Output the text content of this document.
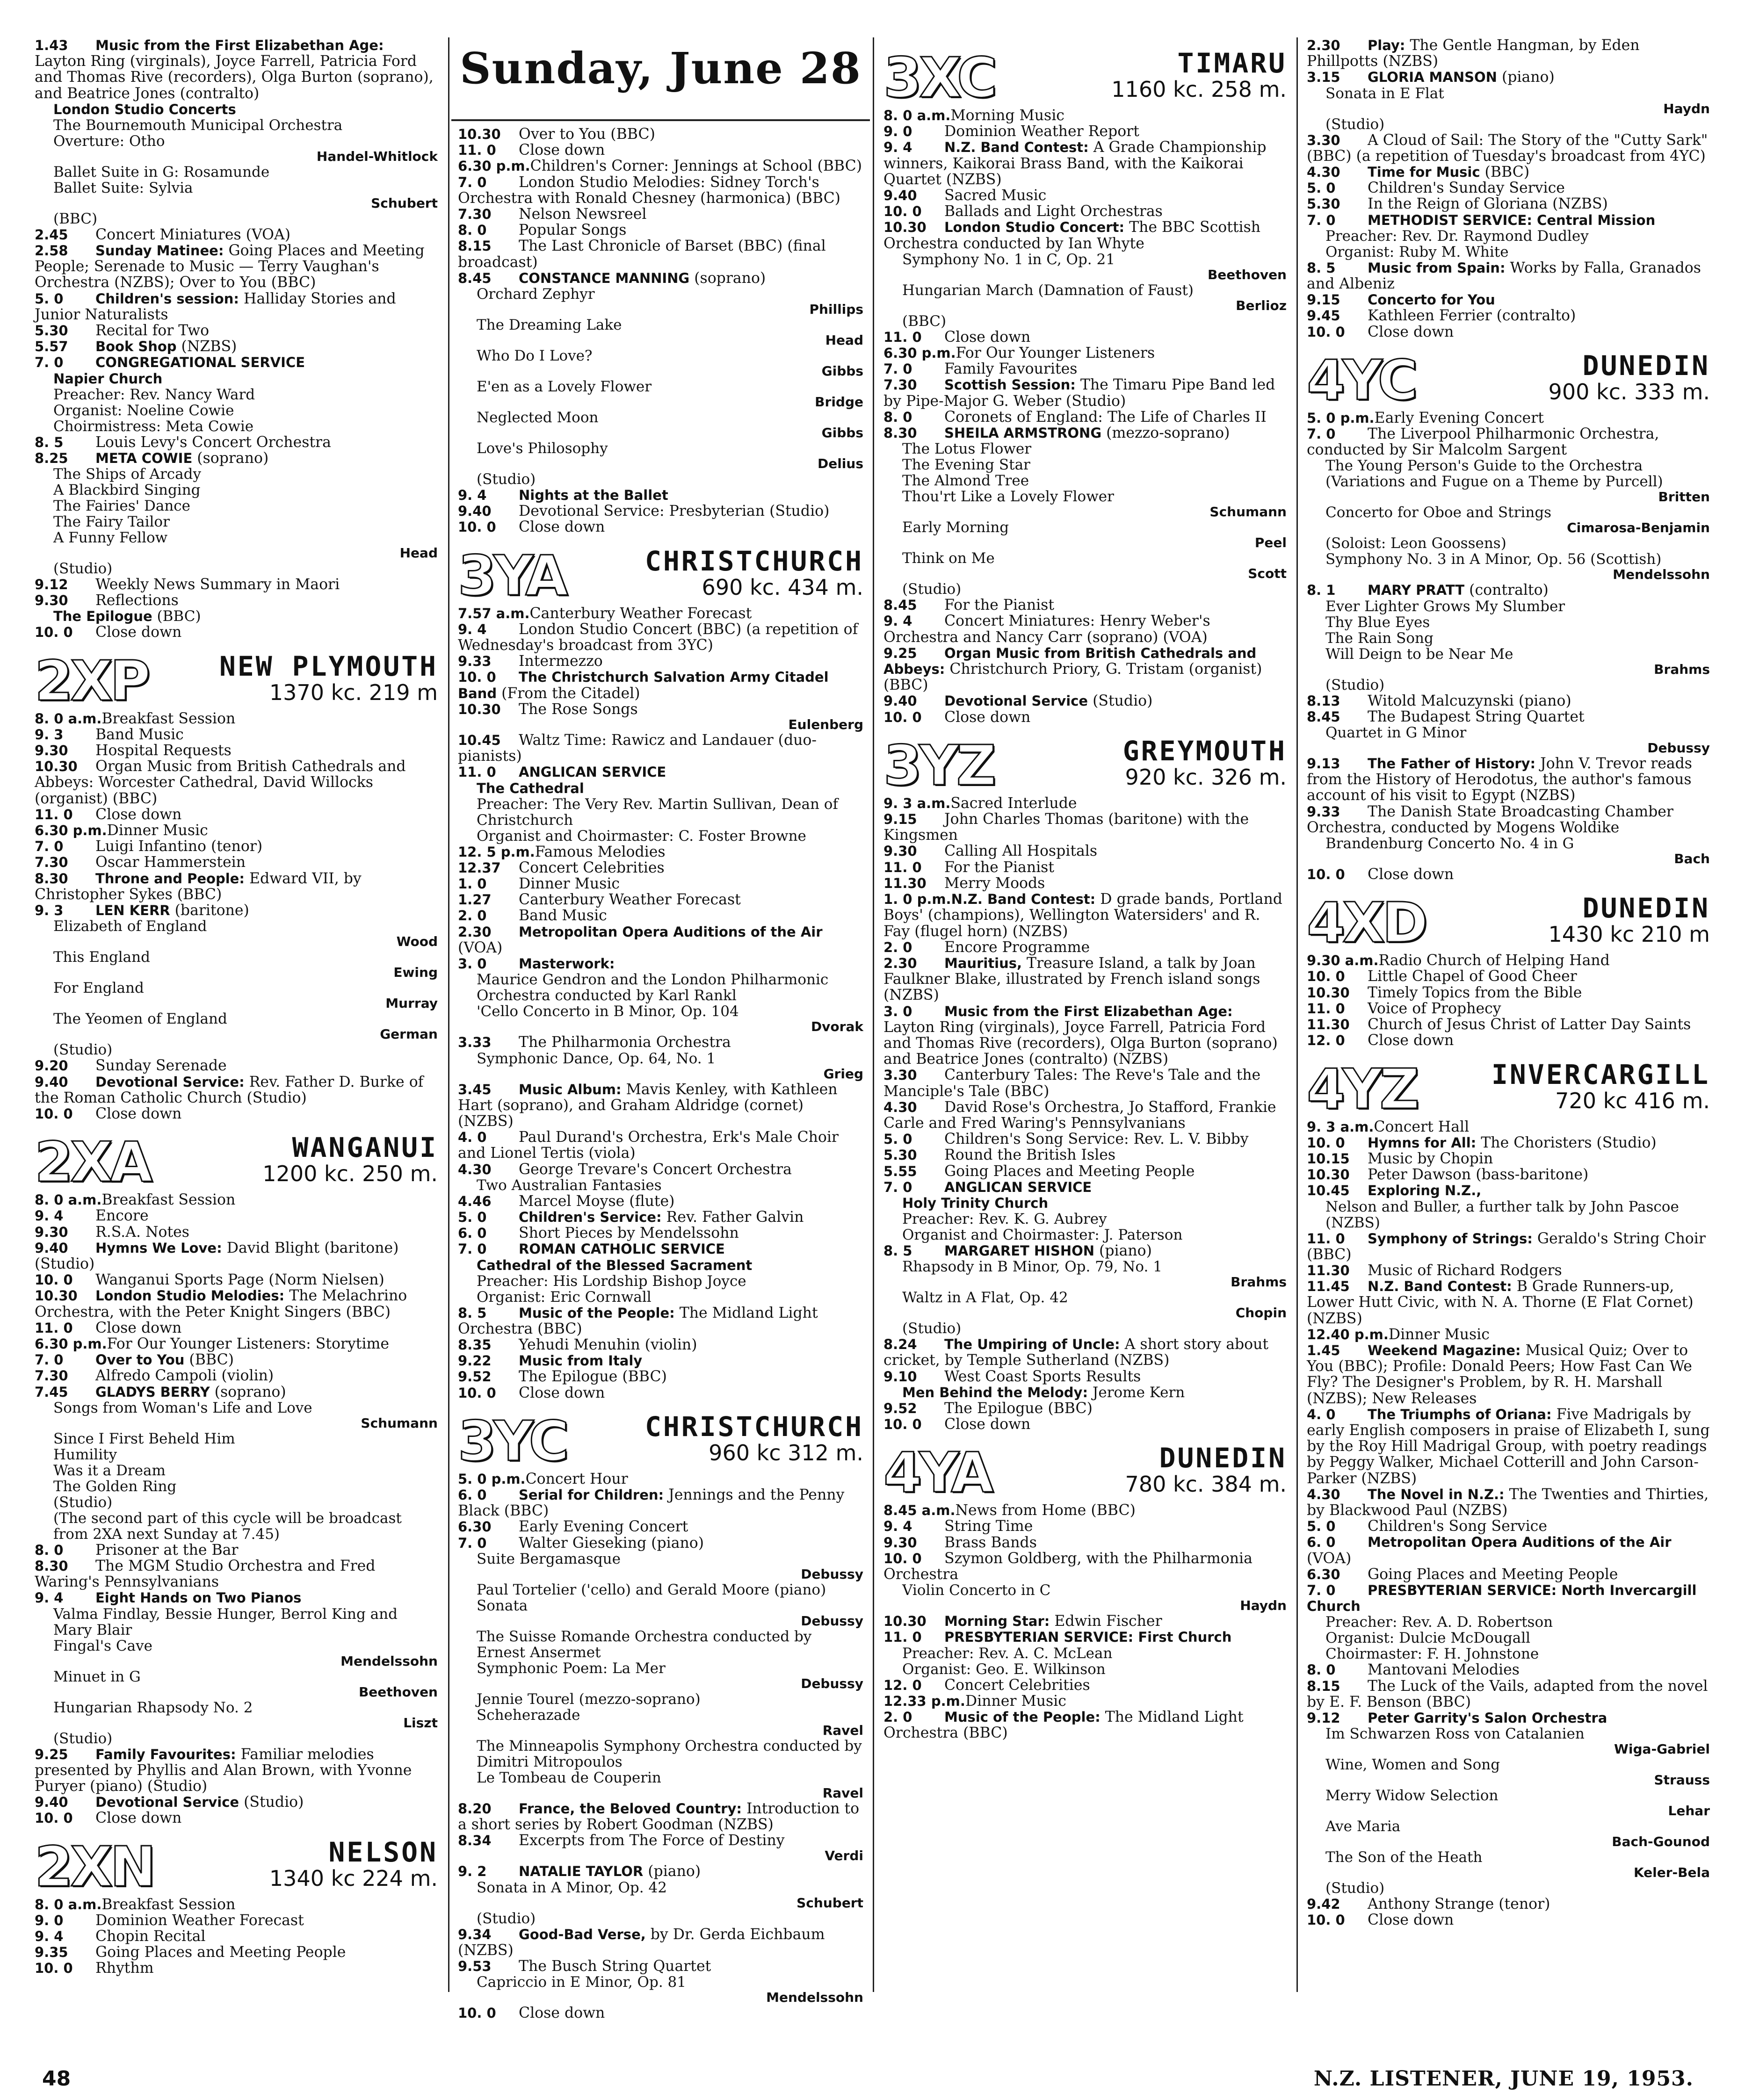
Sunday, June 28
1.43 Music from the First Elizabethan Age: Layton Ring (virginals), Joyce Farrell, Patricia Ford and Thomas Rive (recorders), Olga Burton (soprano), and Beatrice Jones (contralto)
London Studio Concerts
The Bournemouth Municipal Orchestra
Overture: Otho
Handel-Whitlock
Ballet Suite in G: Rosamunde
Ballet Suite: Sylvia
Schubert
(BBC)
2.45 Concert Miniatures (VOA)
2.58 Sunday Matinee: Going Places and Meeting People; Serenade to Music — Terry Vaughan's Orchestra (NZBS); Over to You (BBC)
5. 0 Children's session: Halliday Stories and Junior Naturalists
5.30 Recital for Two
5.57 Book Shop (NZBS)
7. 0 CONGREGATIONAL SERVICE
Napier Church
Preacher: Rev. Nancy Ward
Organist: Noeline Cowie
Choirmistress: Meta Cowie
8. 5 Louis Levy's Concert Orchestra
8.25 META COWIE (soprano)
The Ships of Arcady
A Blackbird Singing
The Fairies' Dance
The Fairy Tailor
A Funny Fellow
Head
(Studio)
9.12 Weekly News Summary in Maori
9.30 Reflections
The Epilogue (BBC)
10. 0 Close down
2XP	NEW PLYMOUTH
1370 kc. 219 m
8. 0 a.m.Breakfast Session
9. 3 Band Music
9.30 Hospital Requests
10.30 Organ Music from British Cathedrals and Abbeys: Worcester Cathedral, David Willocks (organist) (BBC)
11. 0 Close down
6.30 p.m.Dinner Music
7. 0 Luigi Infantino (tenor)
7.30 Oscar Hammerstein
8.30 Throne and People: Edward VII, by Christopher Sykes (BBC)
9. 3 LEN KERR (baritone)
Elizabeth of England
Wood
This England
Ewing
For England
Murray
The Yeomen of England
German
(Studio)
9.20 Sunday Serenade
9.40 Devotional Service: Rev. Father D. Burke of the Roman Catholic Church (Studio)
10. 0 Close down
2XA	WANGANUI
1200 kc. 250 m.
8. 0 a.m.Breakfast Session
9. 4 Encore
9.30 R.S.A. Notes
9.40 Hymns We Love: David Blight (baritone) (Studio)
10. 0 Wanganui Sports Page (Norm Nielsen)
10.30 London Studio Melodies: The Melachrino Orchestra, with the Peter Knight Singers (BBC)
11. 0 Close down
6.30 p.m.For Our Younger Listeners: Storytime
7. 0 Over to You (BBC)
7.30 Alfredo Campoli (violin)
7.45 GLADYS BERRY (soprano)
Songs from Woman's Life and Love
Schumann
Since I First Beheld Him
Humility
Was it a Dream
The Golden Ring
(Studio)
(The second part of this cycle will be broadcast from 2XA next Sunday at 7.45)
8. 0 Prisoner at the Bar
8.30 The MGM Studio Orchestra and Fred Waring's Pennsylvanians
9. 4 Eight Hands on Two Pianos
Valma Findlay, Bessie Hunger, Berrol King and Mary Blair
Fingal's Cave
Mendelssohn
Minuet in G
Beethoven
Hungarian Rhapsody No. 2
Liszt
(Studio)
9.25 Family Favourites: Familiar melodies presented by Phyllis and Alan Brown, with Yvonne Puryer (piano) (Studio)
9.40 Devotional Service (Studio)
10. 0 Close down
2XN	NELSON
1340 kc 224 m.
8. 0 a.m.Breakfast Session
9. 0 Dominion Weather Forecast
9. 4 Chopin Recital
9.35 Going Places and Meeting People
10. 0 Rhythm
10.30 Over to You (BBC)
11. 0 Close down
6.30 p.m.Children's Corner: Jennings at School (BBC)
7. 0 London Studio Melodies: Sidney Torch's Orchestra with Ronald Chesney (harmonica) (BBC)
7.30 Nelson Newsreel
8. 0 Popular Songs
8.15 The Last Chronicle of Barset (BBC) (final broadcast)
8.45 CONSTANCE MANNING (soprano)
Orchard Zephyr
Phillips
The Dreaming Lake
Head
Who Do I Love?
Gibbs
E'en as a Lovely Flower
Bridge
Neglected Moon
Gibbs
Love's Philosophy
Delius
(Studio)
9. 4 Nights at the Ballet
9.40 Devotional Service: Presbyterian (Studio)
10. 0 Close down
3YA	CHRISTCHURCH
690 kc. 434 m.
7.57 a.m.Canterbury Weather Forecast
9. 4 London Studio Concert (BBC) (a repetition of Wednesday's broadcast from 3YC)
9.33 Intermezzo
10. 0 The Christchurch Salvation Army Citadel Band (From the Citadel)
10.30 The Rose Songs
Eulenberg
10.45 Waltz Time: Rawicz and Landauer (duo-pianists)
11. 0 ANGLICAN SERVICE
The Cathedral
Preacher: The Very Rev. Martin Sullivan, Dean of Christchurch
Organist and Choirmaster: C. Foster Browne
12. 5 p.m.Famous Melodies
12.37 Concert Celebrities
1. 0 Dinner Music
1.27 Canterbury Weather Forecast
2. 0 Band Music
2.30 Metropolitan Opera Auditions of the Air (VOA)
3. 0 Masterwork:
Maurice Gendron and the London Philharmonic Orchestra conducted by Karl Rankl
'Cello Concerto in B Minor, Op. 104
Dvorak
3.33 The Philharmonia Orchestra
Symphonic Dance, Op. 64, No. 1
Grieg
3.45 Music Album: Mavis Kenley, with Kathleen Hart (soprano), and Graham Aldridge (cornet) (NZBS)
4. 0 Paul Durand's Orchestra, Erk's Male Choir and Lionel Tertis (viola)
4.30 George Trevare's Concert Orchestra
Two Australian Fantasies
4.46 Marcel Moyse (flute)
5. 0 Children's Service: Rev. Father Galvin
6. 0 Short Pieces by Mendelssohn
7. 0 ROMAN CATHOLIC SERVICE
Cathedral of the Blessed Sacrament
Preacher: His Lordship Bishop Joyce
Organist: Eric Cornwall
8. 5 Music of the People: The Midland Light Orchestra (BBC)
8.35 Yehudi Menuhin (violin)
9.22 Music from Italy
9.52 The Epilogue (BBC)
10. 0 Close down
3YC	CHRISTCHURCH
960 kc 312 m.
5. 0 p.m.Concert Hour
6. 0 Serial for Children: Jennings and the Penny Black (BBC)
6.30 Early Evening Concert
7. 0 Walter Gieseking (piano)
Suite Bergamasque
Debussy
Paul Tortelier ('cello) and Gerald Moore (piano)
Sonata
Debussy
The Suisse Romande Orchestra conducted by Ernest Ansermet
Symphonic Poem: La Mer
Debussy
Jennie Tourel (mezzo-soprano)
Scheherazade
Ravel
The Minneapolis Symphony Orchestra conducted by Dimitri Mitropoulos
Le Tombeau de Couperin
Ravel
8.20 France, the Beloved Country: Introduction to a short series by Robert Goodman (NZBS)
8.34 Excerpts from The Force of Destiny
Verdi
9. 2 NATALIE TAYLOR (piano)
Sonata in A Minor, Op. 42
Schubert
(Studio)
9.34 Good-Bad Verse, by Dr. Gerda Eichbaum (NZBS)
9.53 The Busch String Quartet
Capriccio in E Minor, Op. 81
Mendelssohn
10. 0 Close down
3XC	TIMARU
1160 kc. 258 m.
8. 0 a.m.Morning Music
9. 0 Dominion Weather Report
9. 4 N.Z. Band Contest: A Grade Championship winners, Kaikorai Brass Band, with the Kaikorai Quartet (NZBS)
9.40 Sacred Music
10. 0 Ballads and Light Orchestras
10.30 London Studio Concert: The BBC Scottish Orchestra conducted by Ian Whyte
Symphony No. 1 in C, Op. 21
Beethoven
Hungarian March (Damnation of Faust)
Berlioz
(BBC)
11. 0 Close down
6.30 p.m.For Our Younger Listeners
7. 0 Family Favourites
7.30 Scottish Session: The Timaru Pipe Band led by Pipe-Major G. Weber (Studio)
8. 0 Coronets of England: The Life of Charles II
8.30 SHEILA ARMSTRONG (mezzo-soprano)
The Lotus Flower
The Evening Star
The Almond Tree
Thou'rt Like a Lovely Flower
Schumann
Early Morning
Peel
Think on Me
Scott
(Studio)
8.45 For the Pianist
9. 4 Concert Miniatures: Henry Weber's Orchestra and Nancy Carr (soprano) (VOA)
9.25 Organ Music from British Cathedrals and Abbeys: Christchurch Priory, G. Tristam (organist) (BBC)
9.40 Devotional Service (Studio)
10. 0 Close down
3YZ	GREYMOUTH
920 kc. 326 m.
9. 3 a.m.Sacred Interlude
9.15 John Charles Thomas (baritone) with the Kingsmen
9.30 Calling All Hospitals
11. 0 For the Pianist
11.30 Merry Moods
1. 0 p.m.N.Z. Band Contest: D grade bands, Portland Boys' (champions), Wellington Watersiders' and R. Fay (flugel horn) (NZBS)
2. 0 Encore Programme
2.30 Mauritius, Treasure Island, a talk by Joan Faulkner Blake, illustrated by French island songs (NZBS)
3. 0 Music from the First Elizabethan Age: Layton Ring (virginals), Joyce Farrell, Patricia Ford and Thomas Rive (recorders), Olga Burton (soprano) and Beatrice Jones (contralto) (NZBS)
3.30 Canterbury Tales: The Reve's Tale and the Manciple's Tale (BBC)
4.30 David Rose's Orchestra, Jo Stafford, Frankie Carle and Fred Waring's Pennsylvanians
5. 0 Children's Song Service: Rev. L. V. Bibby
5.30 Round the British Isles
5.55 Going Places and Meeting People
7. 0 ANGLICAN SERVICE
Holy Trinity Church
Preacher: Rev. K. G. Aubrey
Organist and Choirmaster: J. Paterson
8. 5 MARGARET HISHON (piano)
Rhapsody in B Minor, Op. 79, No. 1
Brahms
Waltz in A Flat, Op. 42
Chopin
(Studio)
8.24 The Umpiring of Uncle: A short story about cricket, by Temple Sutherland (NZBS)
9.10 West Coast Sports Results
Men Behind the Melody: Jerome Kern
9.52 The Epilogue (BBC)
10. 0 Close down
4YA	DUNEDIN
780 kc. 384 m.
8.45 a.m.News from Home (BBC)
9. 4 String Time
9.30 Brass Bands
10. 0 Szymon Goldberg, with the Philharmonia Orchestra
Violin Concerto in C
Haydn
10.30 Morning Star: Edwin Fischer
11. 0 PRESBYTERIAN SERVICE: First Church
Preacher: Rev. A. C. McLean
Organist: Geo. E. Wilkinson
12. 0 Concert Celebrities
12.33 p.m.Dinner Music
2. 0 Music of the People: The Midland Light Orchestra (BBC)
2.30 Play: The Gentle Hangman, by Eden Phillpotts (NZBS)
3.15 GLORIA MANSON (piano)
Sonata in E Flat
Haydn
(Studio)
3.30 A Cloud of Sail: The Story of the "Cutty Sark" (BBC) (a repetition of Tuesday's broadcast from 4YC)
4.30 Time for Music (BBC)
5. 0 Children's Sunday Service
5.30 In the Reign of Gloriana (NZBS)
7. 0 METHODIST SERVICE: Central Mission
Preacher: Rev. Dr. Raymond Dudley
Organist: Ruby M. White
8. 5 Music from Spain: Works by Falla, Granados and Albeniz
9.15 Concerto for You
9.45 Kathleen Ferrier (contralto)
10. 0 Close down
4YC	DUNEDIN
900 kc. 333 m.
5. 0 p.m.Early Evening Concert
7. 0 The Liverpool Philharmonic Orchestra, conducted by Sir Malcolm Sargent
The Young Person's Guide to the Orchestra (Variations and Fugue on a Theme by Purcell)
Britten
Concerto for Oboe and Strings
Cimarosa-Benjamin
(Soloist: Leon Goossens)
Symphony No. 3 in A Minor, Op. 56 (Scottish)
Mendelssohn
8. 1 MARY PRATT (contralto)
Ever Lighter Grows My Slumber
Thy Blue Eyes
The Rain Song
Will Deign to be Near Me
Brahms
(Studio)
8.13 Witold Malcuzynski (piano)
8.45 The Budapest String Quartet
Quartet in G Minor
Debussy
9.13 The Father of History: John V. Trevor reads from the History of Herodotus, the author's famous account of his visit to Egypt (NZBS)
9.33 The Danish State Broadcasting Chamber Orchestra, conducted by Mogens Woldike
Brandenburg Concerto No. 4 in G
Bach
10. 0 Close down
4XD	DUNEDIN
1430 kc 210 m
9.30 a.m.Radio Church of Helping Hand
10. 0 Little Chapel of Good Cheer
10.30 Timely Topics from the Bible
11. 0 Voice of Prophecy
11.30 Church of Jesus Christ of Latter Day Saints
12. 0 Close down
4YZ	INVERCARGILL
720 kc 416 m.
9. 3 a.m.Concert Hall
10. 0 Hymns for All: The Choristers (Studio)
10.15 Music by Chopin
10.30 Peter Dawson (bass-baritone)
10.45 Exploring N.Z.,
Nelson and Buller, a further talk by John Pascoe (NZBS)
11. 0 Symphony of Strings: Geraldo's String Choir (BBC)
11.30 Music of Richard Rodgers
11.45 N.Z. Band Contest: B Grade Runners-up, Lower Hutt Civic, with N. A. Thorne (E Flat Cornet) (NZBS)
12.40 p.m.Dinner Music
1.45 Weekend Magazine: Musical Quiz; Over to You (BBC); Profile: Donald Peers; How Fast Can We Fly? The Designer's Problem, by R. H. Marshall (NZBS); New Releases
4. 0 The Triumphs of Oriana: Five Madrigals by early English composers in praise of Elizabeth I, sung by the Roy Hill Madrigal Group, with poetry readings by Peggy Walker, Michael Cotterill and John Carson-Parker (NZBS)
4.30 The Novel in N.Z.: The Twenties and Thirties, by Blackwood Paul (NZBS)
5. 0 Children's Song Service
6. 0 Metropolitan Opera Auditions of the Air (VOA)
6.30 Going Places and Meeting People
7. 0 PRESBYTERIAN SERVICE: North Invercargill Church
Preacher: Rev. A. D. Robertson
Organist: Dulcie McDougall
Choirmaster: F. H. Johnstone
8. 0 Mantovani Melodies
8.15 The Luck of the Vails, adapted from the novel by E. F. Benson (BBC)
9.12 Peter Garrity's Salon Orchestra
Im Schwarzen Ross von Catalanien
Wiga-Gabriel
Wine, Women and Song
Strauss
Merry Widow Selection
Lehar
Ave Maria
Bach-Gounod
The Son of the Heath
Keler-Bela
(Studio)
9.42 Anthony Strange (tenor)
10. 0 Close down
48	N.Z. LISTENER, JUNE 19, 1953.
